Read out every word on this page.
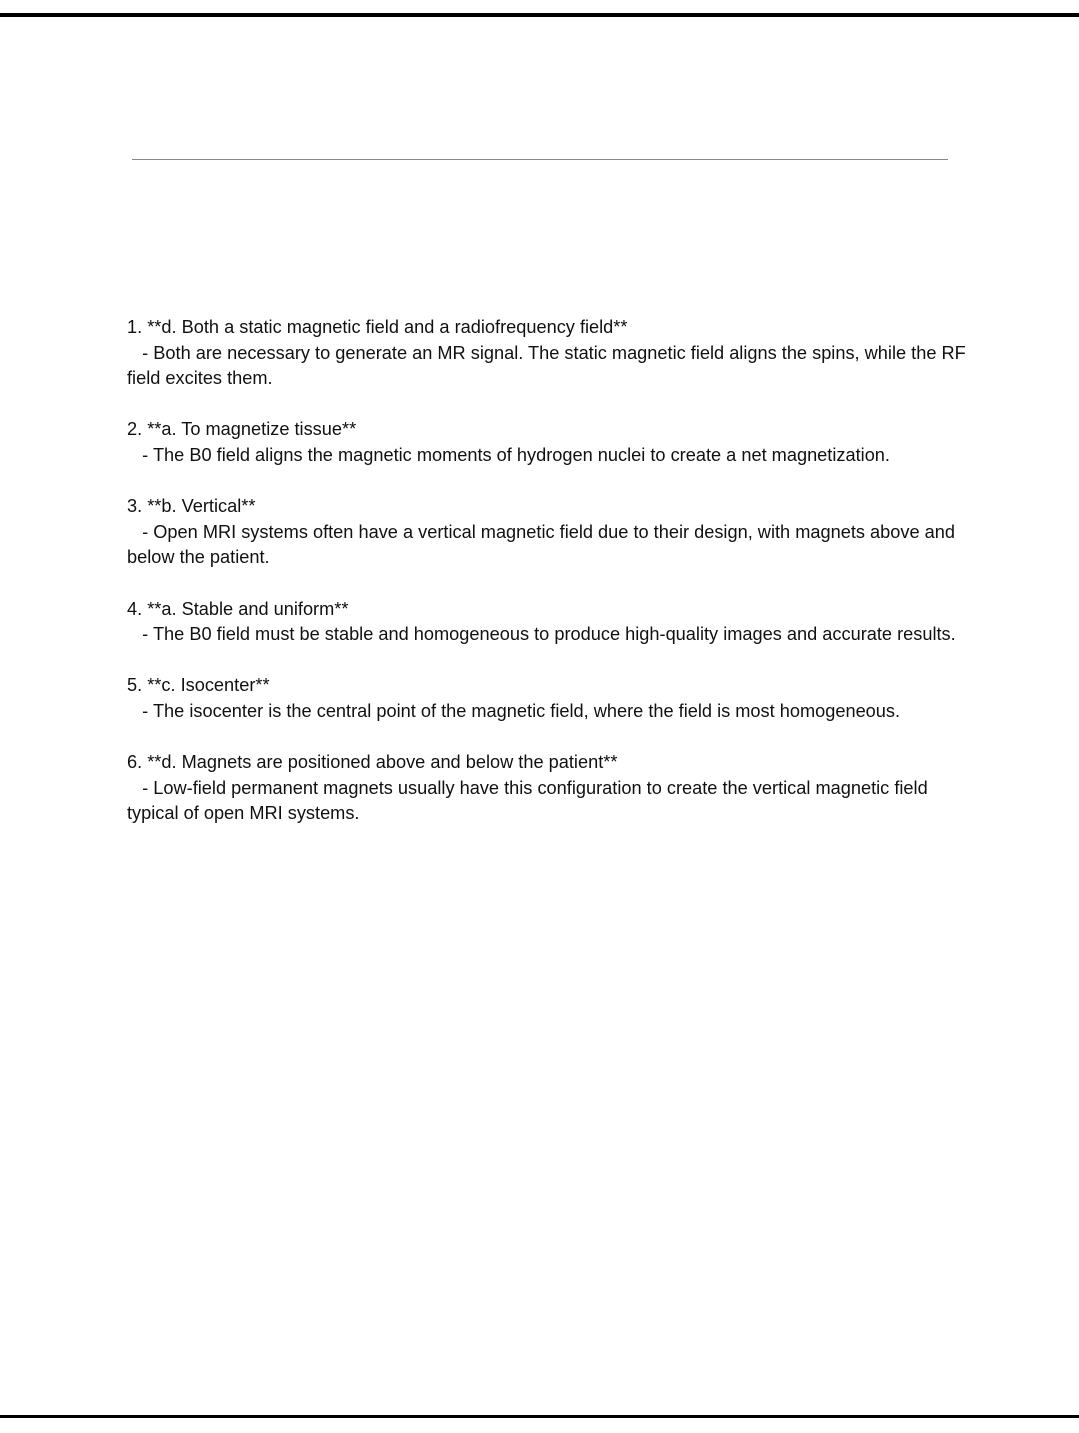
1. **d. Both a static magnetic field and a radiofrequency field**
- Both are necessary to generate an MR signal. The static magnetic field aligns the spins, while the RF field excites them.
2. **a. To magnetize tissue**
- The B0 field aligns the magnetic moments of hydrogen nuclei to create a net magnetization.
3. **b. Vertical**
- Open MRI systems often have a vertical magnetic field due to their design, with magnets above and below the patient.
4. **a. Stable and uniform**
- The B0 field must be stable and homogeneous to produce high-quality images and accurate results.
5. **c. Isocenter**
- The isocenter is the central point of the magnetic field, where the field is most homogeneous.
6. **d. Magnets are positioned above and below the patient**
- Low-field permanent magnets usually have this configuration to create the vertical magnetic field typical of open MRI systems.
